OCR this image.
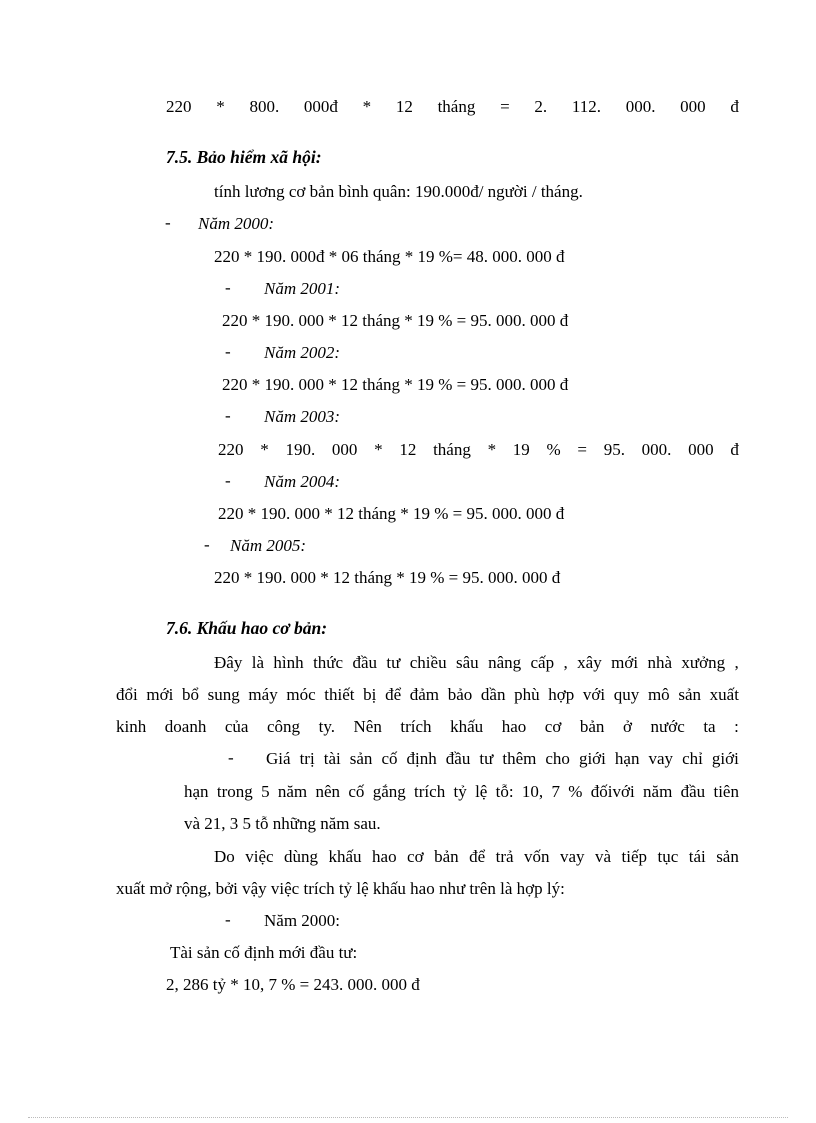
220 * 800. 000đ * 12 tháng = 2. 112. 000. 000 đ
7.5. Bảo hiểm xã hội:
tính lương cơ bản bình quân: 190.000đ/ người / tháng.
- Năm 2000:
220 * 190. 000đ * 06 tháng * 19 %= 48. 000. 000 đ
- Năm 2001:
220 * 190. 000 * 12 tháng * 19 % = 95. 000. 000 đ
- Năm 2002:
220 * 190. 000 * 12 tháng * 19 % = 95. 000. 000 đ
- Năm 2003:
220 * 190. 000 * 12 tháng * 19 % = 95. 000. 000 đ
- Năm 2004:
220 * 190. 000 * 12 tháng * 19 % = 95. 000. 000 đ
- Năm 2005:
220 * 190. 000 * 12 tháng * 19 % = 95. 000. 000 đ
7.6. Khấu hao cơ bản:
Đây là hình thức đầu tư chiều sâu nâng cấp , xây mới nhà xưởng ,
đổi mới bổ sung máy móc thiết bị để đảm bảo dần phù hợp với quy mô sản xuất
kinh doanh của công ty. Nên trích khấu hao cơ bản ở nước ta :
- Giá trị tài sản cố định đầu tư thêm cho giới hạn vay chỉ giới
hạn trong 5 năm nên cố gắng trích tỷ lệ tỗ: 10, 7 % đốivới năm đầu tiên
và 21, 3 5 tỗ những năm sau.
Do việc dùng khấu hao cơ bản để trả vốn vay và tiếp tục tái sản
xuất mở rộng, bởi vậy việc trích tỷ lệ khấu hao như trên là hợp lý:
- Năm 2000:
Tài sản cố định mới đầu tư:
2, 286 tỷ * 10, 7 % = 243. 000. 000 đ
